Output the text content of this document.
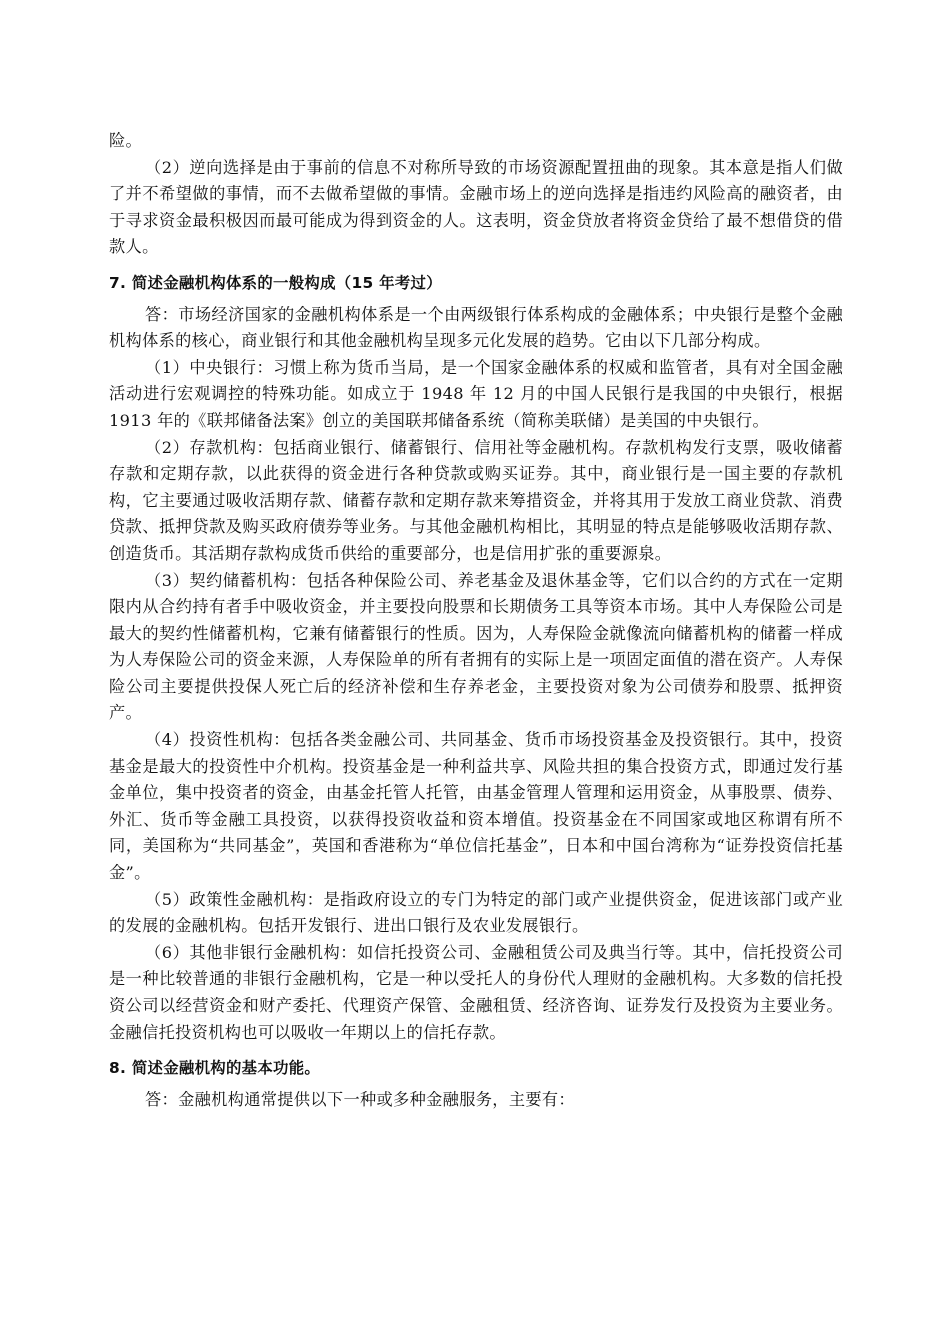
险。

（2）逆向选择是由于事前的信息不对称所导致的市场资源配置扭曲的现象。其本意是指人们做了并不希望做的事情，而不去做希望做的事情。金融市场上的逆向选择是指违约风险高的融资者，由于寻求资金最积极因而最可能成为得到资金的人。这表明，资金贷放者将资金贷给了最不想借贷的借款人。

7. 简述金融机构体系的一般构成（15 年考过）

答：市场经济国家的金融机构体系是一个由两级银行体系构成的金融体系；中央银行是整个金融机构体系的核心，商业银行和其他金融机构呈现多元化发展的趋势。它由以下几部分构成。

（1）中央银行：习惯上称为货币当局，是一个国家金融体系的权威和监管者，具有对全国金融活动进行宏观调控的特殊功能。如成立于 1948 年 12 月的中国人民银行是我国的中央银行，根据 1913 年的《联邦储备法案》创立的美国联邦储备系统（简称美联储）是美国的中央银行。

（2）存款机构：包括商业银行、储蓄银行、信用社等金融机构。存款机构发行支票，吸收储蓄存款和定期存款，以此获得的资金进行各种贷款或购买证券。其中，商业银行是一国主要的存款机构，它主要通过吸收活期存款、储蓄存款和定期存款来筹措资金，并将其用于发放工商业贷款、消费贷款、抵押贷款及购买政府债券等业务。与其他金融机构相比，其明显的特点是能够吸收活期存款、创造货币。其活期存款构成货币供给的重要部分，也是信用扩张的重要源泉。

（3）契约储蓄机构：包括各种保险公司、养老基金及退休基金等，它们以合约的方式在一定期限内从合约持有者手中吸收资金，并主要投向股票和长期债务工具等资本市场。其中人寿保险公司是最大的契约性储蓄机构，它兼有储蓄银行的性质。因为，人寿保险金就像流向储蓄机构的储蓄一样成为人寿保险公司的资金来源，人寿保险单的所有者拥有的实际上是一项固定面值的潜在资产。人寿保险公司主要提供投保人死亡后的经济补偿和生存养老金，主要投资对象为公司债券和股票、抵押资产。

（4）投资性机构：包括各类金融公司、共同基金、货币市场投资基金及投资银行。其中，投资基金是最大的投资性中介机构。投资基金是一种利益共享、风险共担的集合投资方式，即通过发行基金单位，集中投资者的资金，由基金托管人托管，由基金管理人管理和运用资金，从事股票、债券、外汇、货币等金融工具投资，以获得投资收益和资本增值。投资基金在不同国家或地区称谓有所不同，美国称为“共同基金”，英国和香港称为“单位信托基金”，日本和中国台湾称为“证券投资信托基金”。

（5）政策性金融机构：是指政府设立的专门为特定的部门或产业提供资金，促进该部门或产业的发展的金融机构。包括开发银行、进出口银行及农业发展银行。

（6）其他非银行金融机构：如信托投资公司、金融租赁公司及典当行等。其中，信托投资公司是一种比较普通的非银行金融机构，它是一种以受托人的身份代人理财的金融机构。大多数的信托投资公司以经营资金和财产委托、代理资产保管、金融租赁、经济咨询、证券发行及投资为主要业务。金融信托投资机构也可以吸收一年期以上的信托存款。

8. 简述金融机构的基本功能。

答：金融机构通常提供以下一种或多种金融服务，主要有：
